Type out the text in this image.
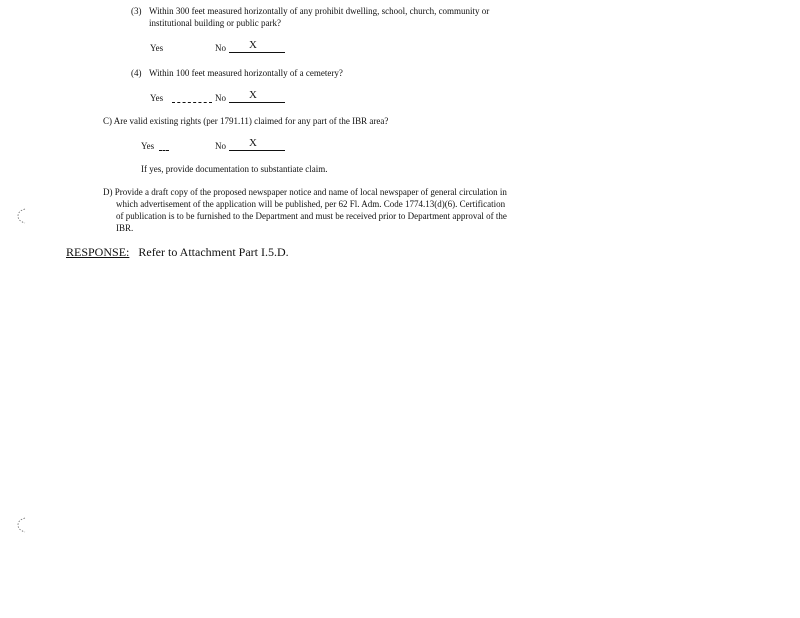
(3) Within 300 feet measured horizontally of any prohibit dwelling, school, church, community or
institutional building or public park?
Yes	No X
(4) Within 100 feet measured horizontally of a cemetery?
Yes	No X
C) Are valid existing rights (per 1791.11) claimed for any part of the IBR area?
Yes	No X
If yes, provide documentation to substantiate claim.
D) Provide a draft copy of the proposed newspaper notice and name of local newspaper of general circulation in
which advertisement of the application will be published, per 62 Fl. Adm. Code 1774.13(d)(6). Certification
of publication is to be furnished to the Department and must be received prior to Department approval of the
IBR.
RESPONSE: Refer to Attachment Part I.5.D.
